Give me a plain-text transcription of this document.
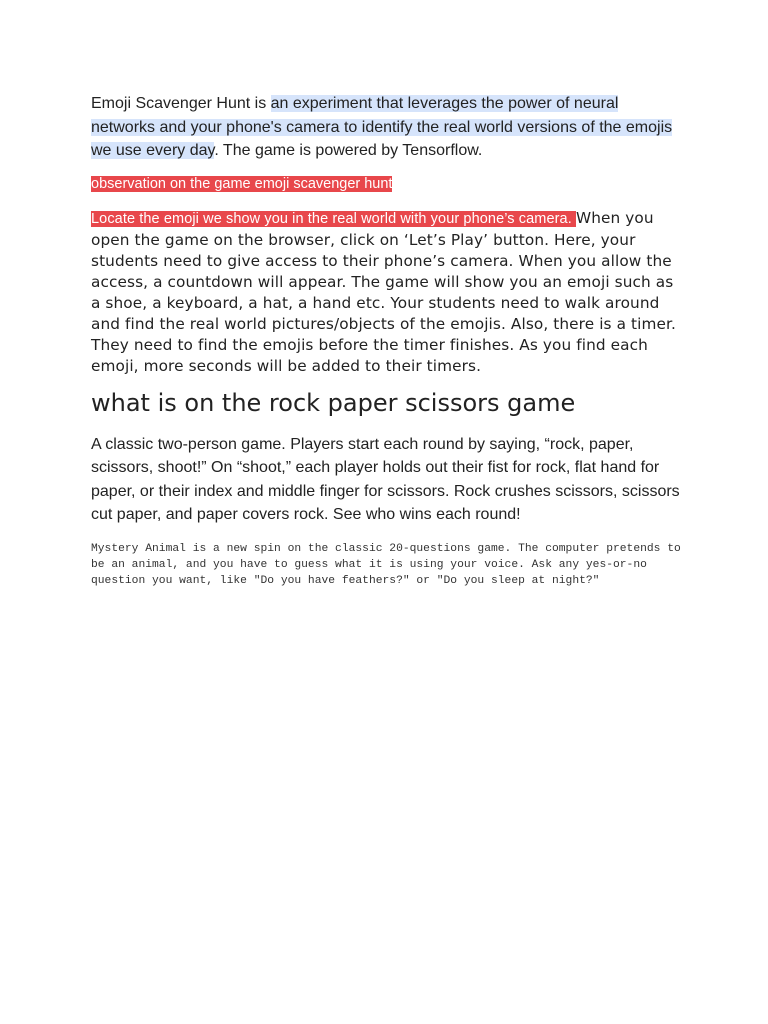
Emoji Scavenger Hunt is an experiment that leverages the power of neural networks and your phone's camera to identify the real world versions of the emojis we use every day. The game is powered by Tensorflow.

observation on the game emoji scavenger hunt

Locate the emoji we show you in the real world with your phone’s camera. When you open the game on the browser, click on ‘Let’s Play’ button. Here, your students need to give access to their phone’s camera. When you allow the access, a countdown will appear. The game will show you an emoji such as a shoe, a keyboard, a hat, a hand etc. Your students need to walk around and find the real world pictures/objects of the emojis. Also, there is a timer. They need to find the emojis before the timer finishes. As you find each emoji, more seconds will be added to their timers.

what is on the rock paper scissors game

A classic two-person game. Players start each round by saying, “rock, paper, scissors, shoot!” On “shoot,” each player holds out their fist for rock, flat hand for paper, or their index and middle finger for scissors. Rock crushes scissors, scissors cut paper, and paper covers rock. See who wins each round!

Mystery Animal is a new spin on the classic 20-questions game. The computer pretends to be an animal, and you have to guess what it is using your voice. Ask any yes-or-no question you want, like "Do you have feathers?" or "Do you sleep at night?"
